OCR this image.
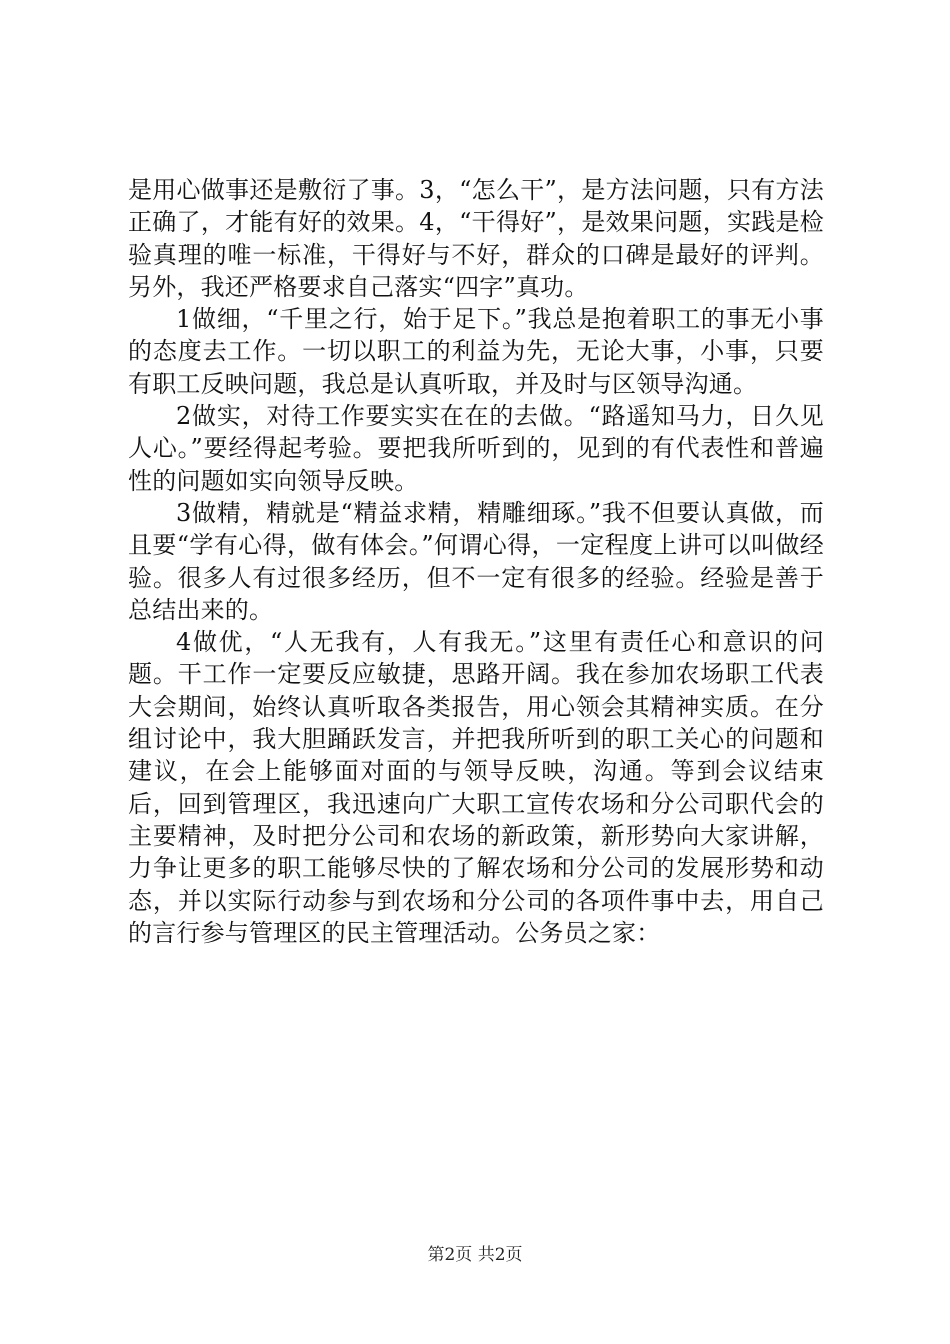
是用心做事还是敷衍了事。3，“怎么干”，是方法问题，只有方法正确了，才能有好的效果。4，“干得好”，是效果问题，实践是检验真理的唯一标准，干得好与不好，群众的口碑是最好的评判。另外，我还严格要求自己落实“四字”真功。

1做细，“千里之行，始于足下。”我总是抱着职工的事无小事的态度去工作。一切以职工的利益为先，无论大事，小事，只要有职工反映问题，我总是认真听取，并及时与区领导沟通。

2做实，对待工作要实实在在的去做。“路遥知马力，日久见人心。”要经得起考验。要把我所听到的，见到的有代表性和普遍性的问题如实向领导反映。

3做精，精就是“精益求精，精雕细琢。”我不但要认真做，而且要“学有心得，做有体会。”何谓心得，一定程度上讲可以叫做经验。很多人有过很多经历，但不一定有很多的经验。经验是善于总结出来的。

4做优，“人无我有，人有我无。”这里有责任心和意识的问题。干工作一定要反应敏捷，思路开阔。我在参加农场职工代表大会期间，始终认真听取各类报告，用心领会其精神实质。在分组讨论中，我大胆踊跃发言，并把我所听到的职工关心的问题和建议，在会上能够面对面的与领导反映，沟通。等到会议结束后，回到管理区，我迅速向广大职工宣传农场和分公司职代会的主要精神，及时把分公司和农场的新政策，新形势向大家讲解，力争让更多的职工能够尽快的了解农场和分公司的发展形势和动态，并以实际行动参与到农场和分公司的各项件事中去，用自己的言行参与管理区的民主管理活动。公务员之家：

第2页 共2页
